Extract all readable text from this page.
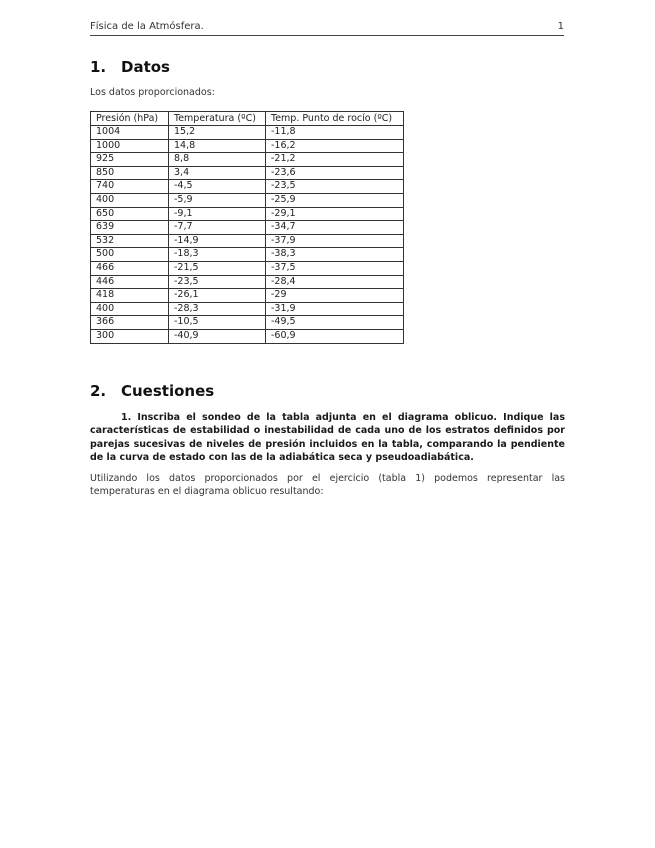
Física de la Atmósfera.	1
1. Datos
Los datos proporcionados:
Presión (hPa)	Temperatura (ºC)	Temp. Punto de rocío (ºC)
1004	15,2	-11,8
1000	14,8	-16,2
925	8,8	-21,2
850	3,4	-23,6
740	-4,5	-23,5
400	-5,9	-25,9
650	-9,1	-29,1
639	-7,7	-34,7
532	-14,9	-37,9
500	-18,3	-38,3
466	-21,5	-37,5
446	-23,5	-28,4
418	-26,1	-29
400	-28,3	-31,9
366	-10,5	-49,5
300	-40,9	-60,9
2. Cuestiones

1. Inscriba el sondeo de la tabla adjunta en el diagrama oblicuo. Indique las características de estabilidad o inestabilidad de cada uno de los estratos definidos por parejas sucesivas de niveles de presión incluidos en la tabla, comparando la pendiente de la curva de estado con las de la adiabática seca y pseudoadiabática.

Utilizando los datos proporcionados por el ejercicio (tabla 1) podemos representar las temperaturas en el diagrama oblicuo resultando:
